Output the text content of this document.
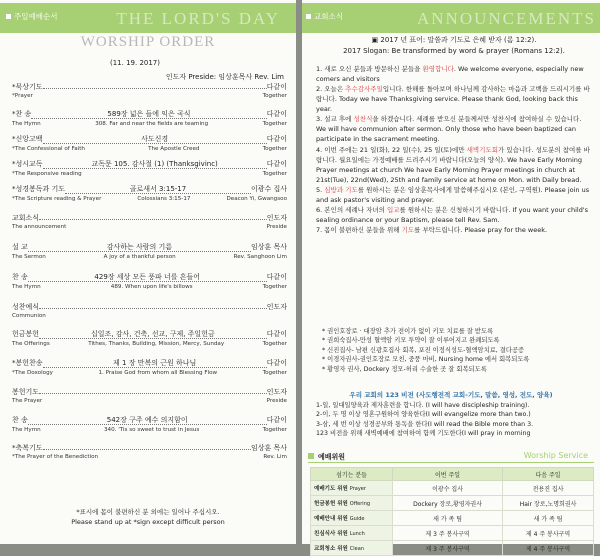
주일예배순서	THE LORD'S DAY
WORSHIP ORDER
(11. 19. 2017)
인도자 Preside: 임상훈목사 Rev. Lim
*묵상기도	다같이
*Prayer	Together
*찬 송	589장 넓은 들에 익은 곡식	다같이
The Hymn	308. Far and near the fields are teaming	Together
*신앙고백	사도신경	다같이
*The Confessional of Faith	The Apostle Creed	Together
*성시교독	교독문 105. 감사절 (1) (Thanksgivinc)	다같이
*The Responsive reading	Together
*성경봉독과 기도	골로새서 3:15-17	이광수 집사
*The Scripture reading & Prayer	Colossians 3:15-17	Deacon Yi, Gwangsoo
교회소식	인도자
The announcement	Preside
설 교	감사하는 사람의 기름	임상훈 목사
The Sermon	A joy of a thankful person	Rev. Sanghoon Lim
찬 송	429장 세상 모든 풍파 너를 흔들어	다같이
The Hymn	489. When upon life's billows	Together
성찬예식	인도자
Communion
헌금봉헌	십일조, 감사, 건축, 선교, 구제, 주일헌금	다같이
The Offerings	Tithes, Thanks, Building, Mission, Mercy, Sunday	Together
*봉헌찬송	제 1 장 만복의 근원 하나님	다같이
*The Doxology	1. Praise God from whom all Blessing Flow	Together
봉헌기도	인도자
The Prayer	Preside
찬 송	542장 구주 예수 의지함이	다같이
The Hymn	340. 'Tis so sweet to trust in Jesus	Together
*축복기도	임상훈 목사
*The Prayer of the Benediction	Rev. Lim
*표시에 몸이 불편하신 분 외에는 일어나 주십시오.
Please stand up at *sign except difficult person
교회소식	ANNOUNCEMENTS
▣ 2017 년 표어: 말씀과 기도로 은혜 받자 (롬 12:2).
2017 Slogan: Be transformed by word & prayer (Romans 12:2).
1. 새로 오신 분들과 방문하신 분들을 환영합니다. We welcome everyone, especially new comers and visitors
2. 오늘은 추수감사주일입니다. 한해를 돌아보며 하나님께 감사하는 마음과 고백을 드리시기를 바랍니다. Today we have Thanksgiving service. Please thank God, looking back this year.
3. 설교 후에 성찬식을 하겠습니다. 세례를 받으신 분들께서만 성찬식에 참여하실 수 있습니다. We will have communion after sermon. Only those who have been baptized can participate in the sacrament meeting.
4. 이번 주에는 21 일(화), 22 일(수), 25 일(토)에만 새벽기도회가 있습니다. 성도분의 참여를 바랍니다. 월요일에는 가정예배를 드려주시기 바랍니다(오늘의 양식). We have Early Morning Prayer meetings at church We have Early Morning Prayer meetings in church at 21st(Tue), 22nd(Wed), 25th and family service at home on Mon. with Daily bread.
5. 심방과 기도를 원하시는 분은 임상훈목사에게 말씀해주십시오 (본인, 구역원). Please join us and ask pastor's visiting and prayer.
6. 본인의 세례나 자녀의 입교를 원하시는 분은 신청하시기 바랍니다. If you want your child's sealing ordinance or your Baptism, please tell Rev. Sam.
7. 몸이 불편하신 분들을 위해 기도를 부탁드립니다. Please pray for the week.
* 권인호장로 · 대장암 추가 전이가 없이 키모 치료를 잘 받도록
* 권희숙집사-만성 혈액암 키모 투약이 잘 이루어지고 완쾌되도록
* 신진집사- 남편 신광호집사 회복, 포진 이정식성도-혈액암치료, 결다공증
* 이경자권사-권인호장로 모친, 중풍 마비, Nursing home 에서 회복되도록
* 황영자 권사, Dockery 정모-허리 수술한 곳 잘 회복되도록
우리 교회의 123 비전 (사도행전적 교회-기도, 말씀, 영성, 전도, 양육)
1-일, 일대일양육과 제자훈련을 합니다. (I will have discipleship training).
2-이, 두 명 이상 영혼구원하여 양육한다(I will evangelize more than two.)
3-삼, 세 번 이상 성경공부와 통독을 한다(I will read the Bible more than 3.
123 비전을 위해 새벽예배에 참여하여 함께 기도한다(I will pray in morning
예배위원	Worship Service
섬기는 분들	이번 주일	다음 주일
예배기도 위원 Prayer	이광수 집사	전용진 집사
헌금봉헌 위원 Offering	Dockery 장로,황영자권사	Hair 장로,노명희권사
예배안내 위원 Guide	새 가 족 팀	새 가 족 팀
친심식사 위원 Lunch	제 3 주 봉사구역	제 4 주 봉사구역
교회청소 위원 Clean	제 3 주 봉사구역	제 4 주 봉사구역
